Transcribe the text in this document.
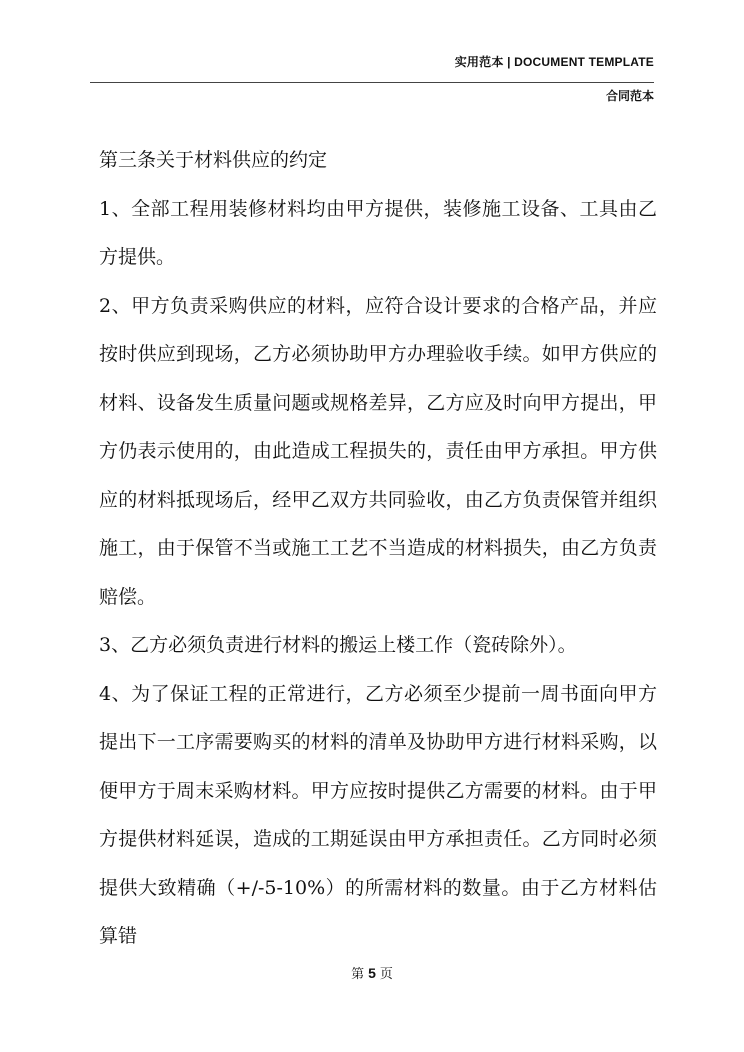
实用范本 | DOCUMENT TEMPLATE
合同范本

第三条关于材料供应的约定

1、全部工程用装修材料均由甲方提供，装修施工设备、工具由乙方提供。

2、甲方负责采购供应的材料，应符合设计要求的合格产品，并应按时供应到现场，乙方必须协助甲方办理验收手续。如甲方供应的材料、设备发生质量问题或规格差异，乙方应及时向甲方提出，甲方仍表示使用的，由此造成工程损失的，责任由甲方承担。甲方供应的材料抵现场后，经甲乙双方共同验收，由乙方负责保管并组织施工，由于保管不当或施工工艺不当造成的材料损失，由乙方负责赔偿。

3、乙方必须负责进行材料的搬运上楼工作（瓷砖除外）。

4、为了保证工程的正常进行，乙方必须至少提前一周书面向甲方提出下一工序需要购买的材料的清单及协助甲方进行材料采购，以便甲方于周末采购材料。甲方应按时提供乙方需要的材料。由于甲方提供材料延误，造成的工期延误由甲方承担责任。乙方同时必须提供大致精确（+/-5-10%）的所需材料的数量。由于乙方材料估算错

第 5 页
